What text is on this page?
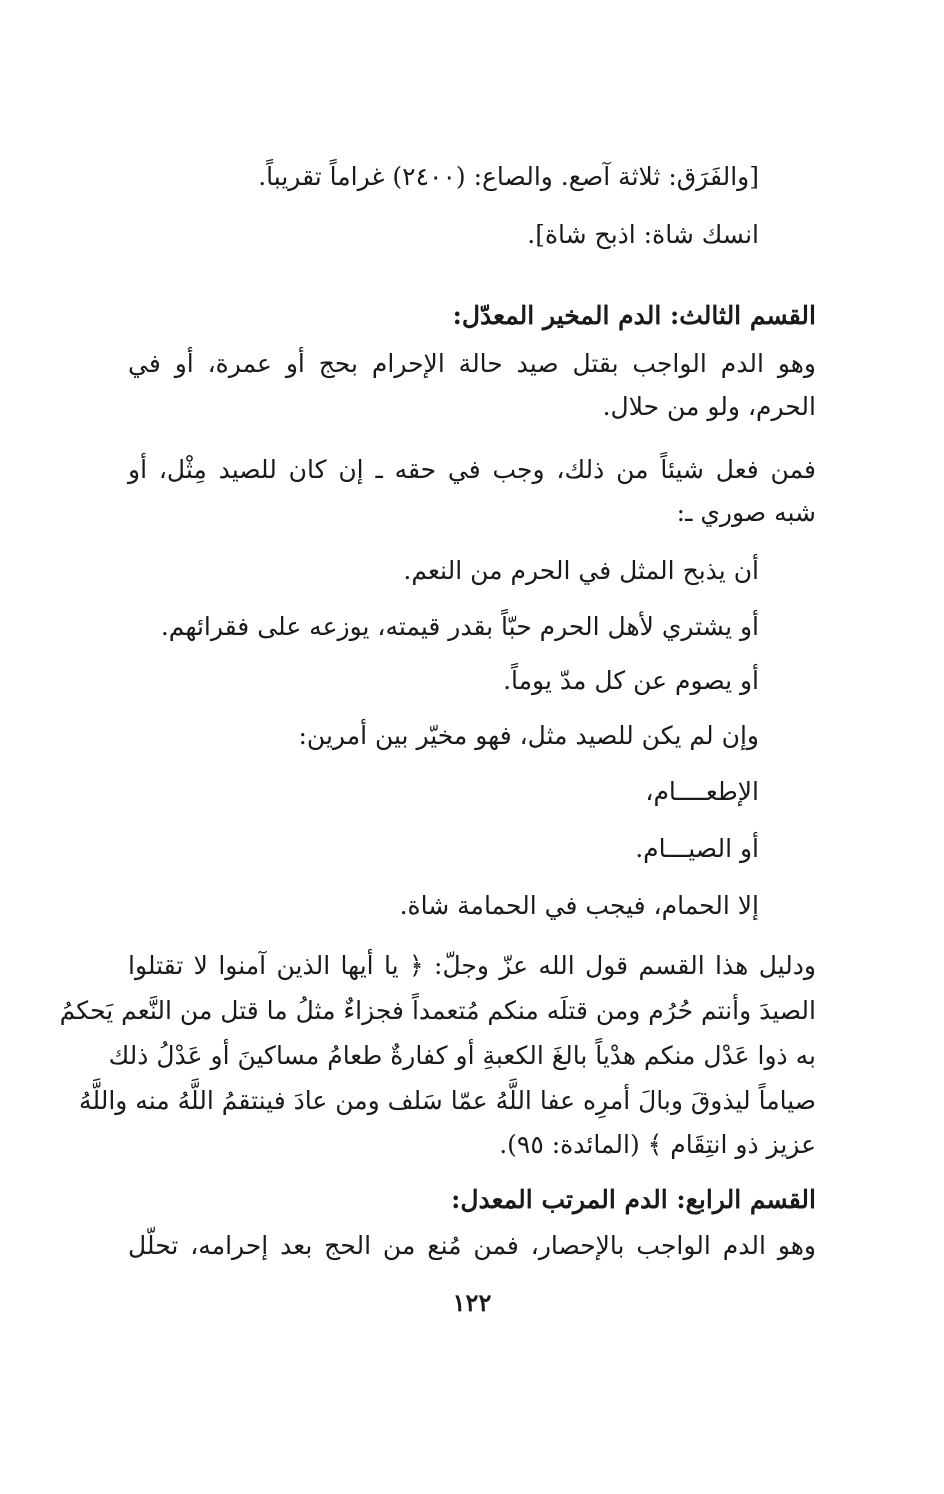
[والفَرَق: ثلاثة آصع. والصاع: (٢٤٠٠) غراماً تقريباً.
انسك شاة: اذبح شاة].
القسم الثالث: الدم المخير المعدّل:
وهو الدم الواجب بقتل صيد حالة الإحرام بحج أو عمرة، أو في
الحرم، ولو من حلال.
فمن فعل شيئاً من ذلك، وجب في حقه ـ إن كان للصيد مِثْل، أو
شبه صوري ـ:
أن يذبح المثل في الحرم من النعم.
أو يشتري لأهل الحرم حبّاً بقدر قيمته، يوزعه على فقرائهم.
أو يصوم عن كل مدّ يوماً.
وإن لم يكن للصيد مثل، فهو مخيّر بين أمرين:
الإطعــــام،
أو الصيـــام.
إلا الحمام، فيجب في الحمامة شاة.
ودليل هذا القسم قول الله عزّ وجلّ: ﴿ يا أيها الذين آمنوا لا تقتلوا
الصيدَ وأنتم حُرُم ومن قتلَه منكم مُتعمداً فجزاءٌ مثلُ ما قتل من النَّعم يَحكمُ
به ذوا عَدْل منكم هدْياً بالغَ الكعبةِ أو كفارةٌ طعامُ مساكينَ أو عَدْلُ ذلك
صياماً ليذوقَ وبالَ أمرِه عفا اللَّهُ عمّا سَلف ومن عادَ فينتقمُ اللَّهُ منه واللَّهُ
عزيز ذو انتِقَام ﴾ (المائدة: ٩٥).
القسم الرابع: الدم المرتب المعدل:
وهو الدم الواجب بالإحصار، فمن مُنع من الحج بعد إحرامه، تحلّل
١٢٢
